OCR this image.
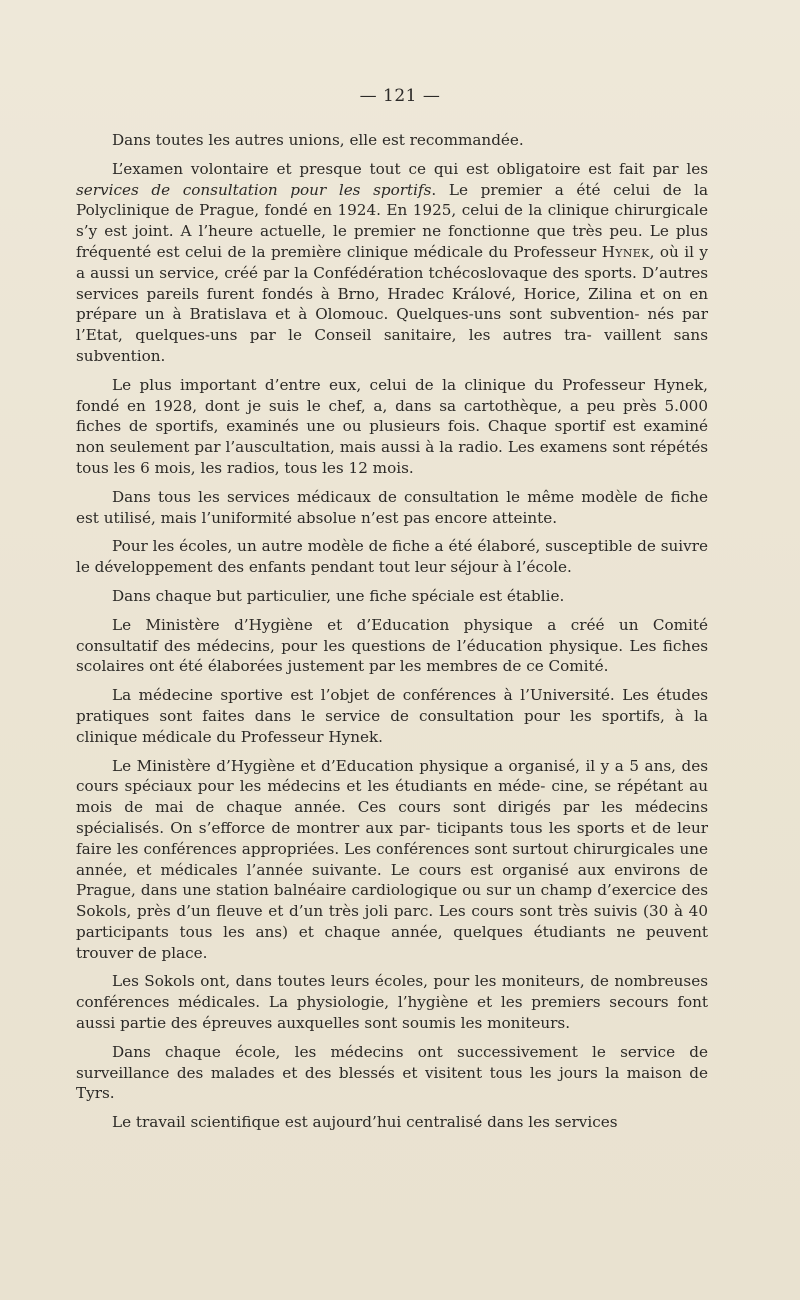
— 121 —

Dans toutes les autres unions, elle est recommandée.

L’examen volontaire et presque tout ce qui est obligatoire est fait par les services de consultation pour les sportifs. Le premier a été celui de la Polyclinique de Prague, fondé en 1924. En 1925, celui de la clinique chirurgicale s’y est joint. A l’heure actuelle, le premier ne fonctionne que très peu. Le plus fréquenté est celui de la première clinique médicale du Professeur Hynek, où il y a aussi un service, créé par la Confédération tchécoslovaque des sports. D’autres services pareils furent fondés à Brno, Hradec Králové, Horice, Zilina et on en prépare un à Bratislava et à Olomouc. Quelques-uns sont subvention- nés par l’Etat, quelques-uns par le Conseil sanitaire, les autres tra- vaillent sans subvention.

Le plus important d’entre eux, celui de la clinique du Professeur Hynek, fondé en 1928, dont je suis le chef, a, dans sa cartothèque, a peu près 5.000 fiches de sportifs, examinés une ou plusieurs fois. Chaque sportif est examiné non seulement par l’auscultation, mais aussi à la radio. Les examens sont répétés tous les 6 mois, les radios, tous les 12 mois.

Dans tous les services médicaux de consultation le même modèle de fiche est utilisé, mais l’uniformité absolue n’est pas encore atteinte.

Pour les écoles, un autre modèle de fiche a été élaboré, susceptible de suivre le développement des enfants pendant tout leur séjour à l’école.

Dans chaque but particulier, une fiche spéciale est établie.

Le Ministère d’Hygiène et d’Education physique a créé un Comité consultatif des médecins, pour les questions de l’éducation physique. Les fiches scolaires ont été élaborées justement par les membres de ce Comité.

La médecine sportive est l’objet de conférences à l’Université. Les études pratiques sont faites dans le service de consultation pour les sportifs, à la clinique médicale du Professeur Hynek.

Le Ministère d’Hygiène et d’Education physique a organisé, il y a 5 ans, des cours spéciaux pour les médecins et les étudiants en méde- cine, se répétant au mois de mai de chaque année. Ces cours sont dirigés par les médecins spécialisés. On s’efforce de montrer aux par- ticipants tous les sports et de leur faire les conférences appropriées. Les conférences sont surtout chirurgicales une année, et médicales l’année suivante. Le cours est organisé aux environs de Prague, dans une station balnéaire cardiologique ou sur un champ d’exercice des Sokols, près d’un fleuve et d’un très joli parc. Les cours sont très suivis (30 à 40 participants tous les ans) et chaque année, quelques étudiants ne peuvent trouver de place.

Les Sokols ont, dans toutes leurs écoles, pour les moniteurs, de nombreuses conférences médicales. La physiologie, l’hygiène et les premiers secours font aussi partie des épreuves auxquelles sont soumis les moniteurs.

Dans chaque école, les médecins ont successivement le service de surveillance des malades et des blessés et visitent tous les jours la maison de Tyrs.

Le travail scientifique est aujourd’hui centralisé dans les services
